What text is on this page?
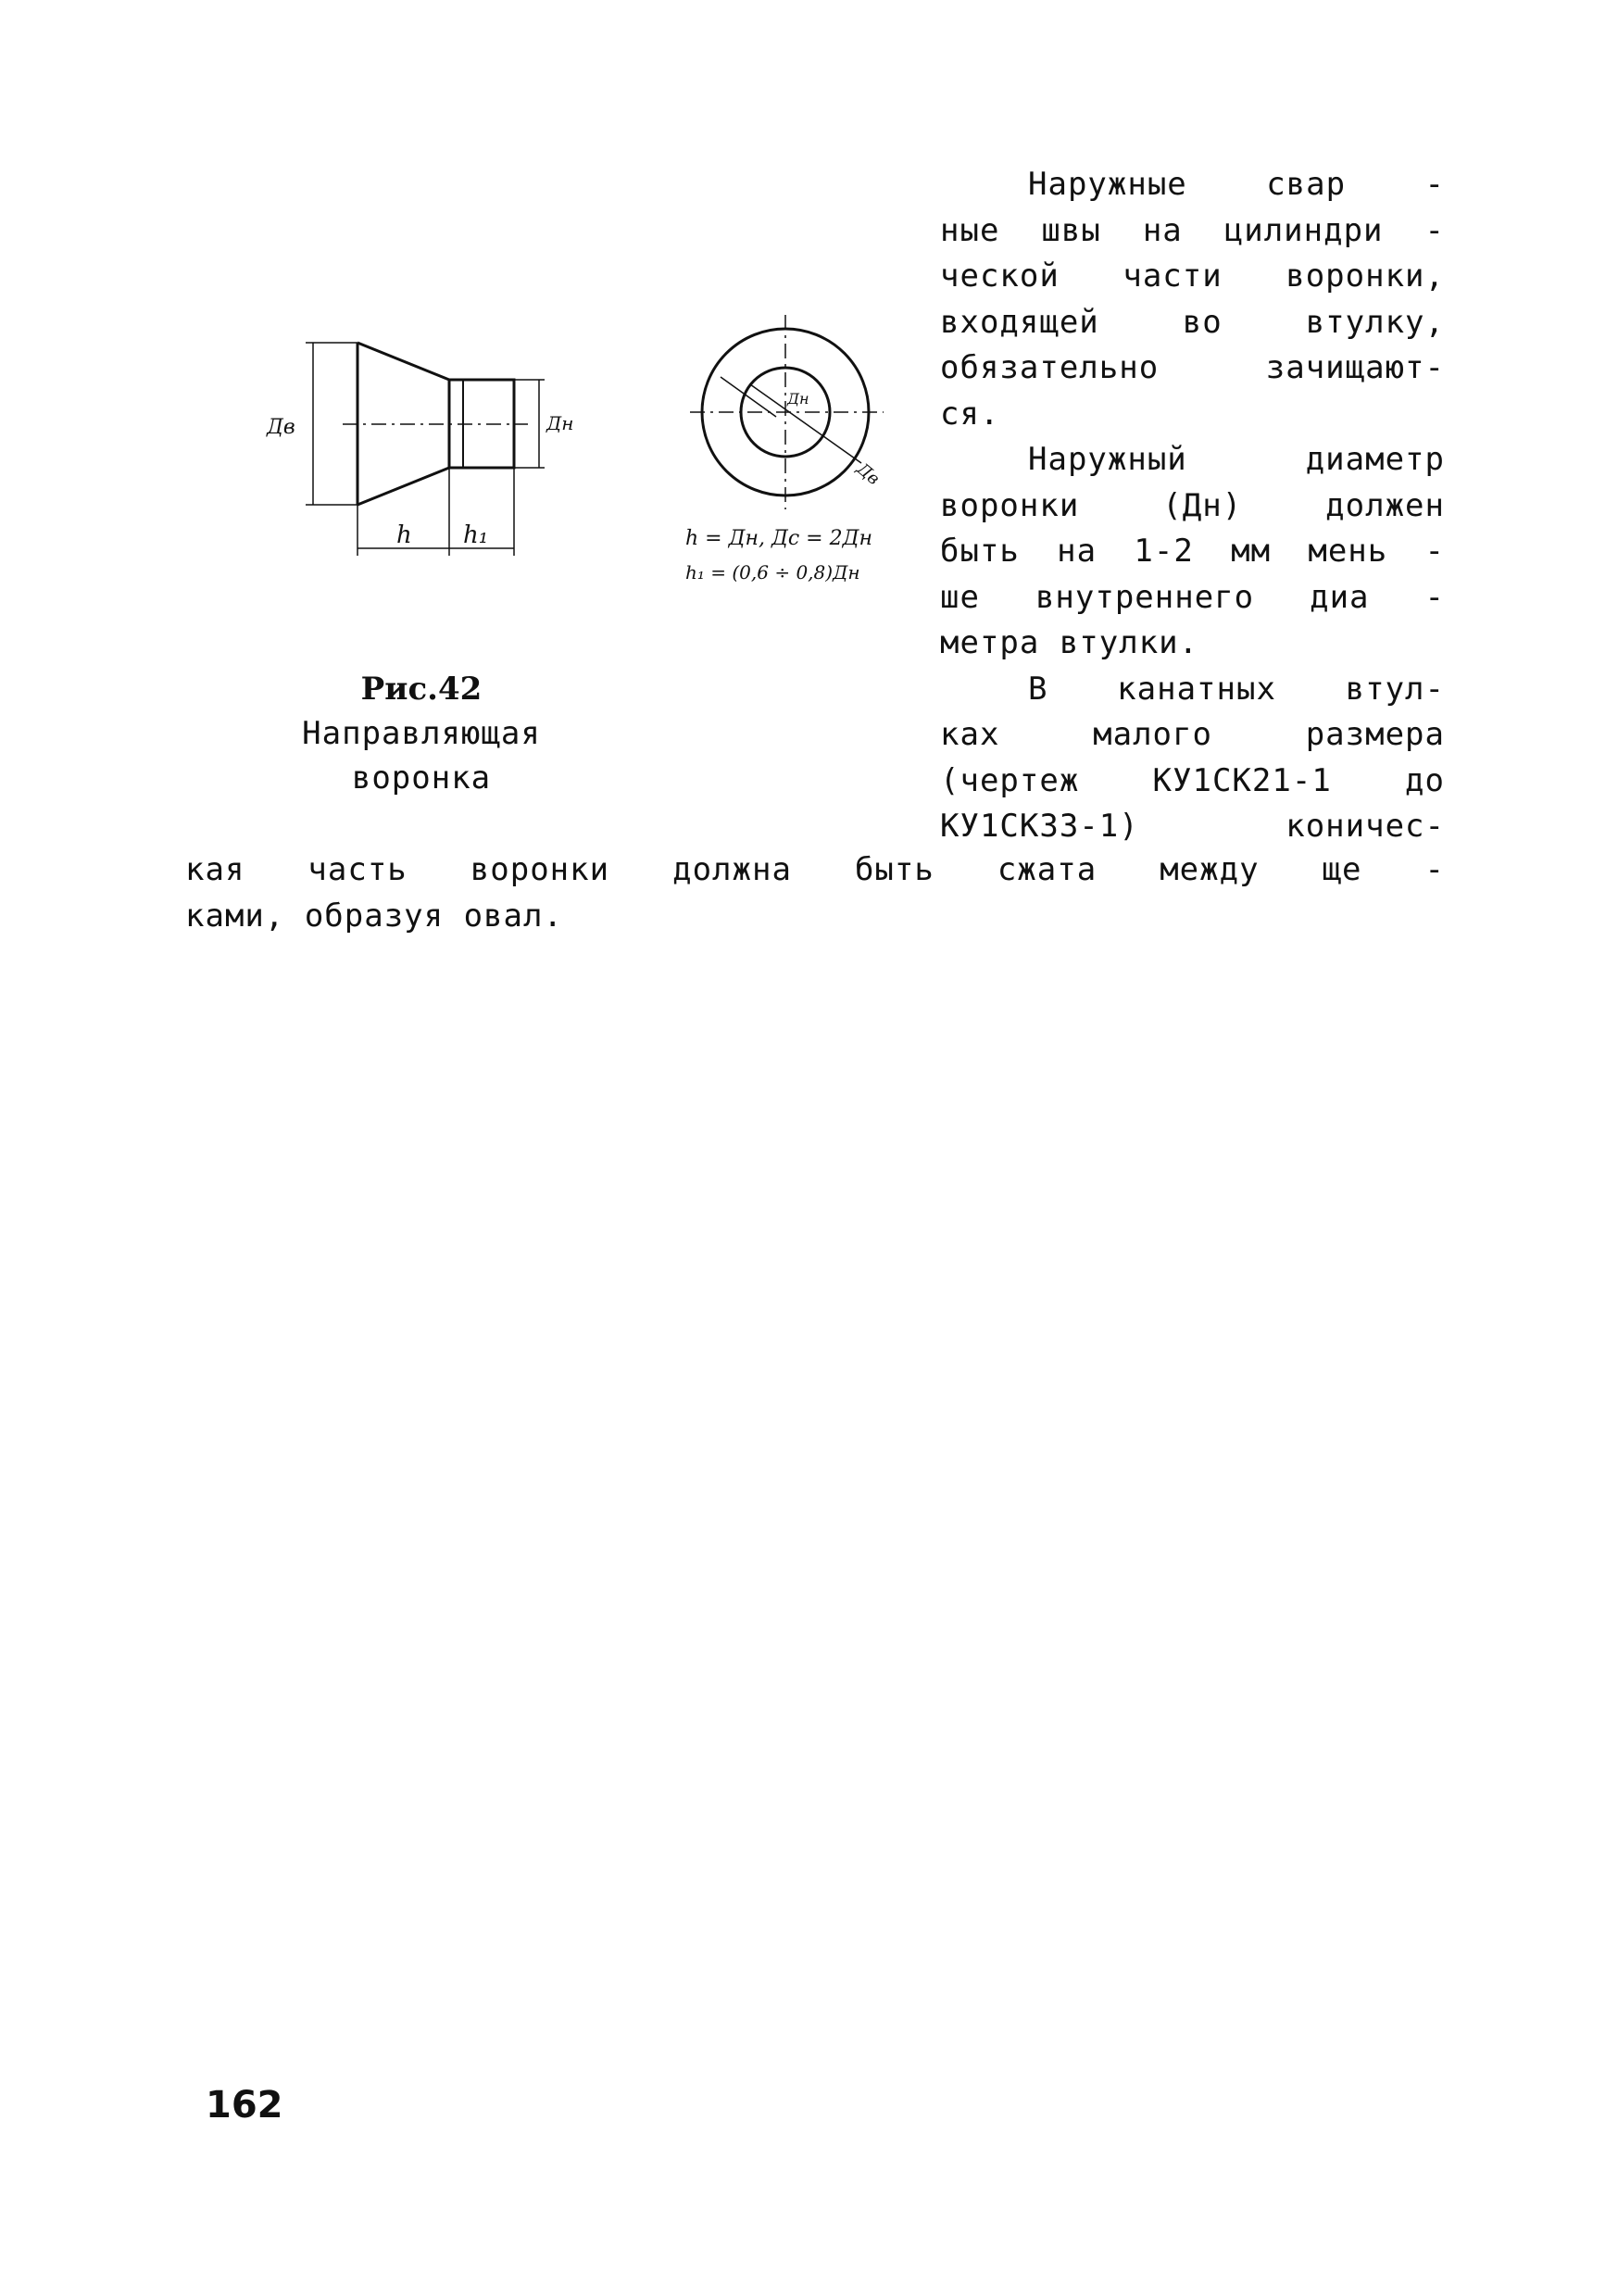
Дв	Дн
h h₁
Дн
Дв
h = Дн, Дс = 2Дн
h₁ = (0,6 ÷ 0,8)Дн
Рис.42
Направляющая воронка
Наружные свар -
ные швы на цилиндри -
ческой части воронки,
входящей во втулку,
обязательно зачищают-
ся.
Наружный диаметр
воронки (Дн) должен
быть на 1-2 мм мень -
ше внутреннего диа -
метра втулки.
В канатных втул-
ках малого размера
(чертеж КУ1СК21-1 до
КУ1СК33-1) коничес-
кая часть воронки должна быть сжата между ще -
ками, образуя овал.
162
